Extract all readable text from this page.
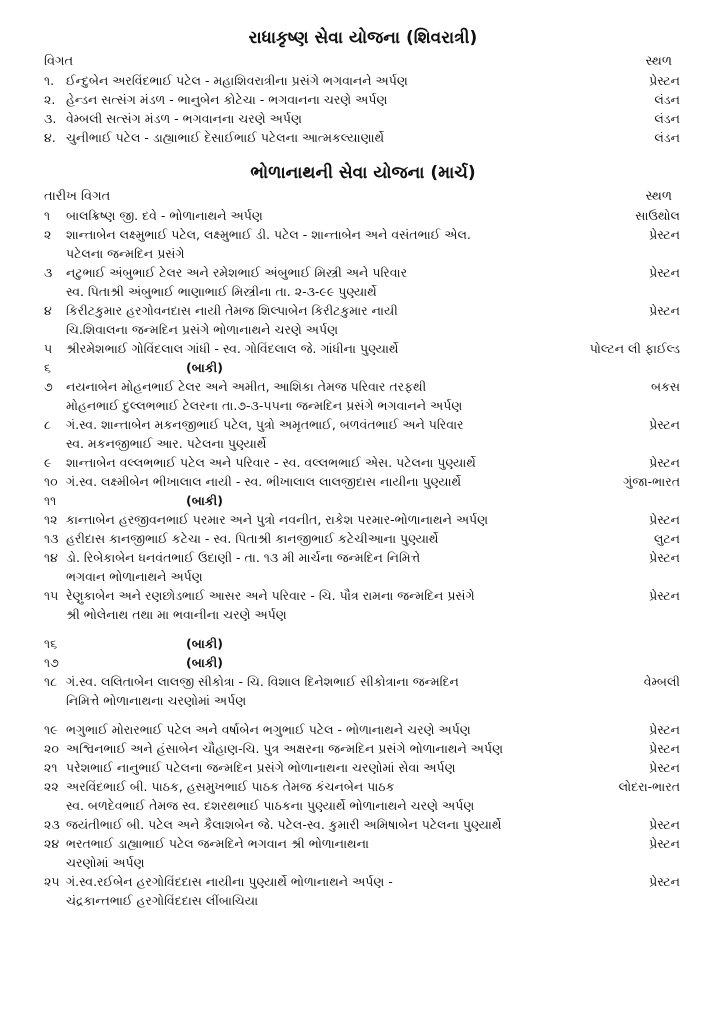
રાધાકૃષ્ણ સેવા યોજના (શિવરાત્રી)
વિગત	સ્થળ
૧. ઈન્દુબેન અરવિંદભાઈ પટેલ - મહાશિવરાત્રીના પ્રસંગે ભગવાનને અર્પણ	પ્રેસ્ટન
૨. હેન્ડન સત્સંગ મંડળ - ભાનુબેન કોટેચા - ભગવાનના ચરણે અર્પણ	લંડન
૩. વેમ્બલી સત્સંગ મંડળ - ભગવાનના ચરણે અર્પણ	લંડન
૪. ચુનીભાઈ પટેલ - ડાહ્યાભાઈ દેસાઈભાઈ પટેલના આત્મકલ્યાણાર્થે	લંડન
ભોળાનાથની સેવા યોજના (માર્ચ)
તારીખ વિગત	સ્થળ
૧	બાલક્રિષ્ણ જી. દવે - ભોળાનાથને અર્પણ	સાઉથોલ
૨	શાન્તાબેન લક્ષ્મુભાઈ પટેલ, લક્ષ્મુભાઈ ડી. પટેલ - શાન્તાબેન અને વસંતભાઈ એલ.	પ્રેસ્ટન
પટેલના જન્મદિન પ્રસંગે
૩	નટુભાઈ અંબુભાઈ ટેલર અને રમેશભાઈ અંબુભાઈ મિસ્ત્રી અને પરિવાર	પ્રેસ્ટન
સ્વ. પિતાશ્રી અંબુભાઈ ભાણાભાઈ મિસ્ત્રીના તા. ૨-૩-૯૯ પુણ્યાર્થે
૪	કિરીટકુમાર હરગોવનદાસ નાયી તેમજ શિલ્પાબેન કિરીટકુમાર નાયી	પ્રેસ્ટન
ચિ.શિવાલના જન્મદિન પ્રસંગે ભોળાનાથને ચરણે અર્પણ
૫	શ્રીરમેશભાઈ ગોવિંદલાલ ગાંધી - સ્વ. ગોવિંદલાલ જે. ગાંધીના પુણ્યાર્થે	પોલ્ટન લી ફાઈલ્ડ
૬	(બાકી)
૭	નયનાબેન મોહનભાઈ ટેલર અને અમીત, આશિકા તેમજ પરિવાર તરફથી	બકસ
મોહનભાઈ દુલ્લભભાઈ ટેલરના તા.૭-૩-૫૫ના જન્મદિન પ્રસંગે ભગવાનને અર્પણ
૮	ગં.સ્વ. શાન્તાબેન મકનજીભાઈ પટેલ, પુત્રો અમૃતભાઈ, બળવંતભાઈ અને પરિવાર	પ્રેસ્ટન
સ્વ. મકનજીભાઈ આર. પટેલના પુણ્યાર્થે
૯	શાન્તાબેન વલ્લભભાઈ પટેલ અને પરિવાર - સ્વ. વલ્લભભાઈ એસ. પટેલના પુણ્યાર્થે	પ્રેસ્ટન
૧૦ ગં.સ્વ. લક્ષ્મીબેન ભીખાલાલ નાયી - સ્વ. ભીખાલાલ લાલજીદાસ નાયીના પુણ્યાર્થે	ગુંજા-ભારત
૧૧	(બાકી)
૧૨ કાન્તાબેન હરજીવનભાઈ પરમાર અને પુત્રો નવનીત, રાકેશ પરમાર-ભોળાનાથને અર્પણ	પ્રેસ્ટન
૧૩ હરીદાસ કાનજીભાઈ કટેચા - સ્વ. પિતાશ્રી કાનજીભાઈ કટેચીઆના પુણ્યાર્થે	લુટન
૧૪ ડો. રિબેકાબેન ધનવંતભાઈ ઉદાણી - તા. ૧૩ મી માર્ચના જન્મદિન નિમિત્તે	પ્રેસ્ટન
ભગવાન ભોળાનાથને અર્પણ
૧૫ રેણુકાબેન અને રણછોડભાઈ આસર અને પરિવાર - ચિ. પૌત્ર રામના જન્મદિન પ્રસંગે	પ્રેસ્ટન
શ્રી ભોલેનાથ તથા મા ભવાનીના ચરણે અર્પણ
૧૬	(બાકી)
૧૭	(બાકી)
૧૮ ગં.સ્વ. લલિતાબેન લાલજી સીકોત્રા - ચિ. વિશાલ દિનેશભાઈ સીકોત્રાના જન્મદિન	વેમ્બલી
નિમિત્તે ભોળાનાથના ચરણોમાં અર્પણ
૧૯ ભગુભાઈ મોરારભાઈ પટેલ અને વર્ષાબેન ભગુભાઈ પટેલ - ભોળાનાથને ચરણે અર્પણ	પ્રેસ્ટન
૨૦ અશ્વિનભાઈ અને હંસાબેન ચૌહાણ-ચિ. પુત્ર અક્ષરના જન્મદિન પ્રસંગે ભોળાનાથને અર્પણ	પ્રેસ્ટન
૨૧ પરેશભાઈ નાનુભાઈ પટેલના જન્મદિન પ્રસંગે ભોળાનાથના ચરણોમાં સેવા અર્પણ	પ્રેસ્ટન
૨૨ અરવિંદભાઈ બી. પાઠક, હસમુખભાઈ પાઠક તેમજ કંચનબેન પાઠક	લોદરા-ભારત
સ્વ. બળદેવભાઈ તેમજ સ્વ. દશરથભાઈ પાઠકના પુણ્યાર્થે ભોળાનાથને ચરણે અર્પણ
૨૩ જયંતીભાઈ બી. પટેલ અને કૈલાશબેન જે. પટેલ-સ્વ. કુમારી અમિષાબેન પટેલના પુણ્યાર્થે	પ્રેસ્ટન
૨૪ ભરતભાઈ ડાહ્યાભાઈ પટેલ જન્મદિને ભગવાન શ્રી ભોળાનાથના	પ્રેસ્ટન
ચરણોમાં અર્પણ
૨૫ ગં.સ્વ.રઈબેન હરગોવિંદદાસ નાયીના પુણ્યાર્થે ભોળાનાથને અર્પણ -	પ્રેસ્ટન
ચંદ્રકાન્તભાઈ હરગોવિંદદાસ લીંબાચિયા
